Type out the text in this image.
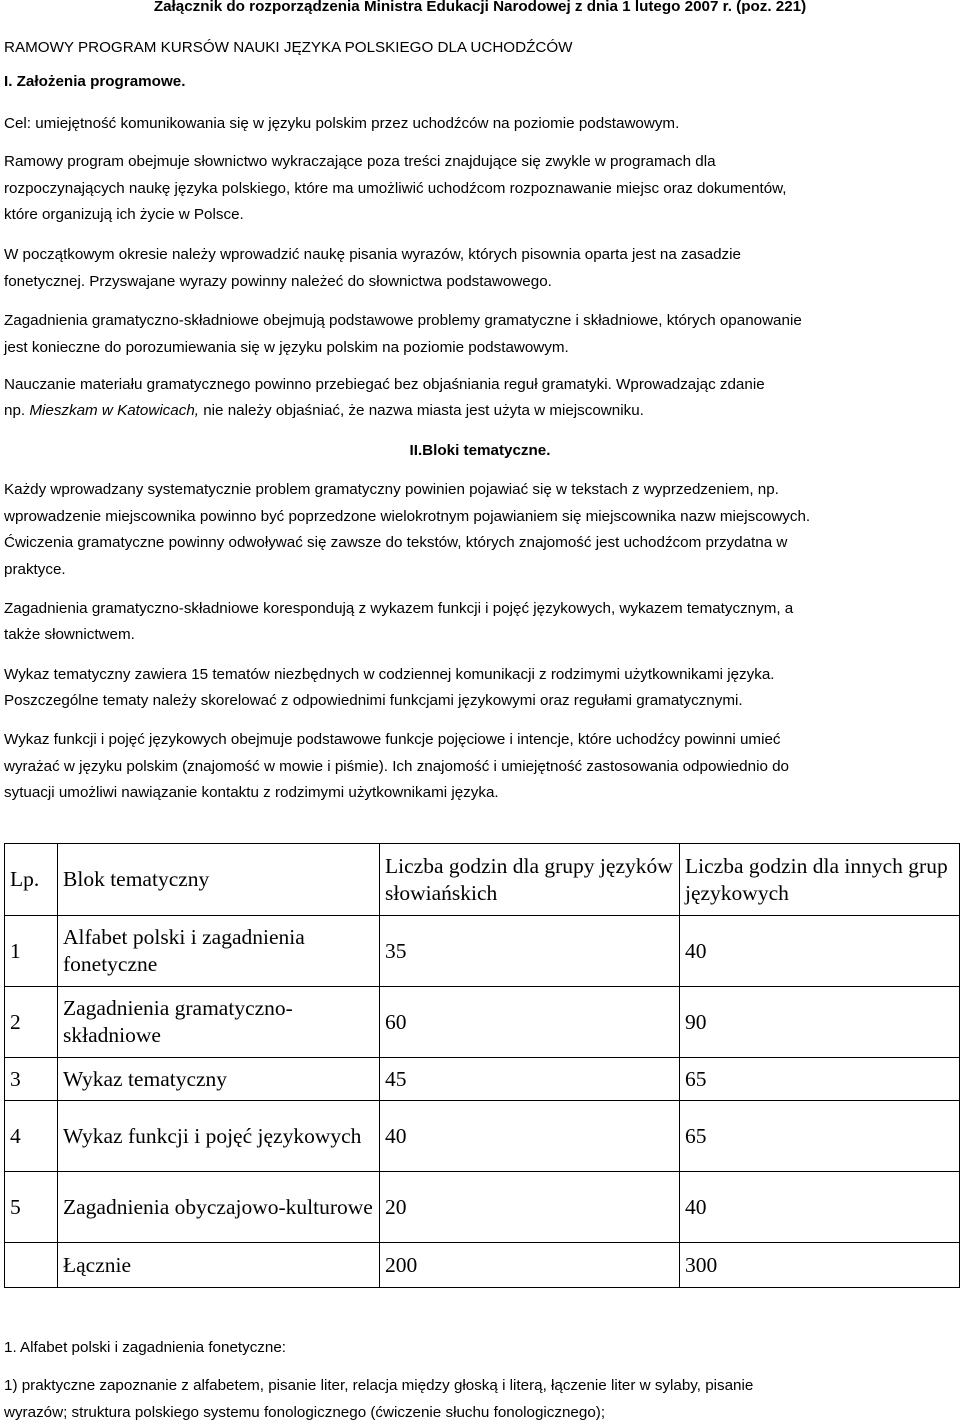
Załącznik do rozporządzenia Ministra Edukacji Narodowej z dnia 1 lutego 2007 r. (poz. 221)

RAMOWY PROGRAM KURSÓW NAUKI JĘZYKA POLSKIEGO DLA UCHODŹCÓW

I. Założenia programowe.

Cel: umiejętność komunikowania się w języku polskim przez uchodźców na poziomie podstawowym.

Ramowy program obejmuje słownictwo wykraczające poza treści znajdujące się zwykle w programach dla

rozpoczynających naukę języka polskiego, które ma umożliwić uchodźcom rozpoznawanie miejsc oraz dokumentów,

które organizują ich życie w Polsce.

W początkowym okresie należy wprowadzić naukę pisania wyrazów, których pisownia oparta jest na zasadzie

fonetycznej. Przyswajane wyrazy powinny należeć do słownictwa podstawowego.

Zagadnienia gramatyczno-składniowe obejmują podstawowe problemy gramatyczne i składniowe, których opanowanie

jest konieczne do porozumiewania się w języku polskim na poziomie podstawowym.

Nauczanie materiału gramatycznego powinno przebiegać bez objaśniania reguł gramatyki. Wprowadzając zdanie

np. Mieszkam w Katowicach, nie należy objaśniać, że nazwa miasta jest użyta w miejscowniku.

II.Bloki tematyczne.

Każdy wprowadzany systematycznie problem gramatyczny powinien pojawiać się w tekstach z wyprzedzeniem, np.

wprowadzenie miejscownika powinno być poprzedzone wielokrotnym pojawianiem się miejscownika nazw miejscowych.

Ćwiczenia gramatyczne powinny odwoływać się zawsze do tekstów, których znajomość jest uchodźcom przydatna w

praktyce.

Zagadnienia gramatyczno-składniowe korespondują z wykazem funkcji i pojęć językowych, wykazem tematycznym, a

także słownictwem.

Wykaz tematyczny zawiera 15 tematów niezbędnych w codziennej komunikacji z rodzimymi użytkownikami języka.

Poszczególne tematy należy skorelować z odpowiednimi funkcjami językowymi oraz regułami gramatycznymi.

Wykaz funkcji i pojęć językowych obejmuje podstawowe funkcje pojęciowe i intencje, które uchodźcy powinni umieć

wyrażać w języku polskim (znajomość w mowie i piśmie). Ich znajomość i umiejętność zastosowania odpowiednio do

sytuacji umożliwi nawiązanie kontaktu z rodzimymi użytkownikami języka.

Lp.	Blok tematyczny	Liczba godzin dla grupy języków słowiańskich	Liczba godzin dla innych grup językowych
1	Alfabet polski i zagadnienia fonetyczne	35	40
2	Zagadnienia gramatyczno-składniowe	60	90
3	Wykaz tematyczny	45	65
4	Wykaz funkcji i pojęć językowych	40	65
5	Zagadnienia obyczajowo-kulturowe	20	40
	Łącznie	200	300

1. Alfabet polski i zagadnienia fonetyczne:

1) praktyczne zapoznanie z alfabetem, pisanie liter, relacja między głoską i literą, łączenie liter w sylaby, pisanie

wyrazów; struktura polskiego systemu fonologicznego (ćwiczenie słuchu fonologicznego);
